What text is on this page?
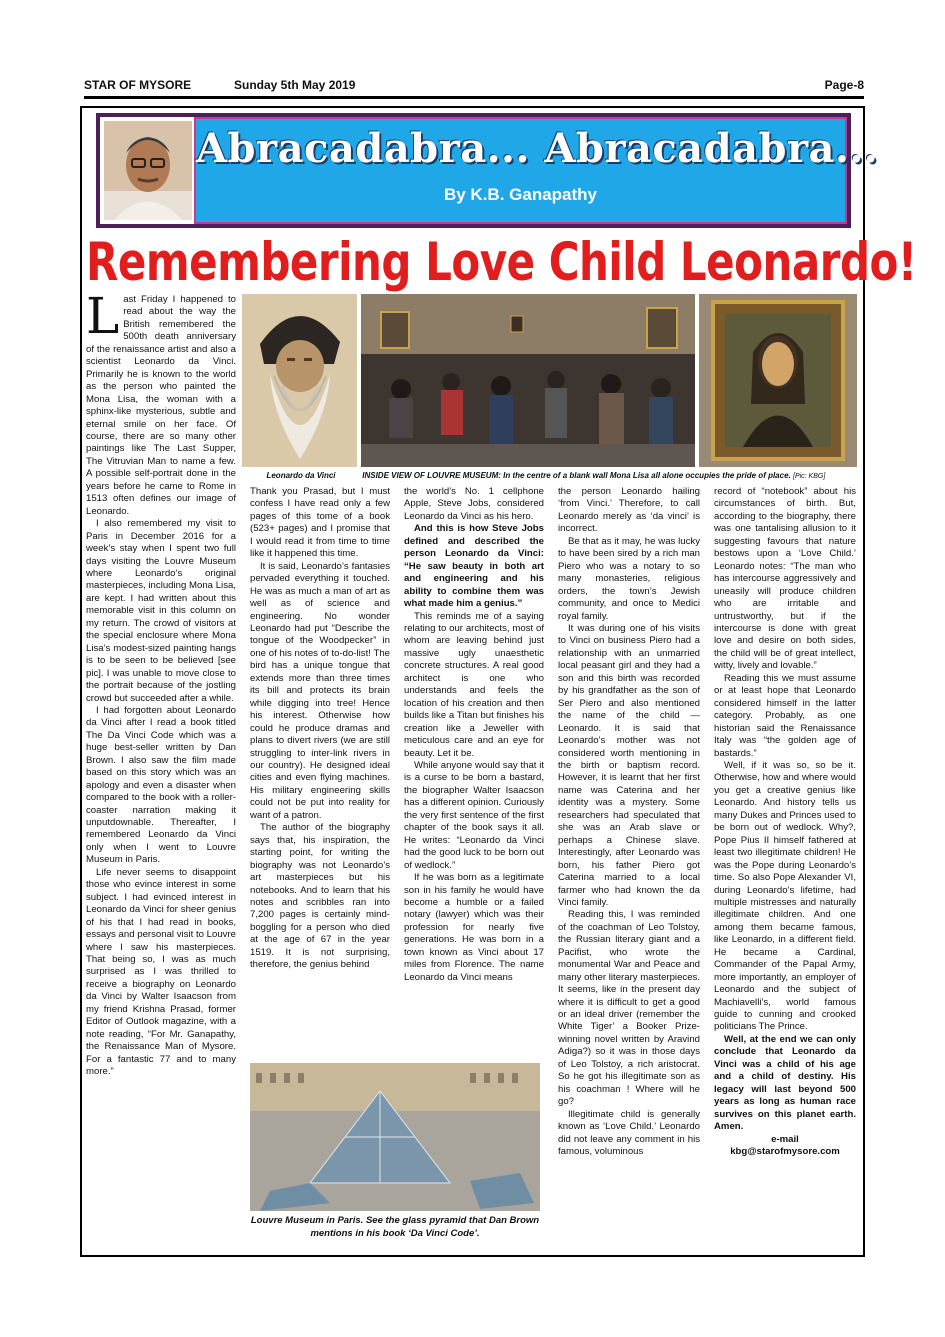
STAR OF MYSORE	Sunday 5th May 2019	Page-8
Abracadabra... Abracadabra...
By K.B. Ganapathy
Remembering Love Child Leonardo!
Leonardo da Vinci	INSIDE VIEW OF LOUVRE MUSEUM: In the centre of a blank wall Mona Lisa all alone occupies the pride of place. [Pic: KBG]

Last Friday I happened to read about the way the British remembered the 500th death anniversary of the renaissance artist and also a scientist Leonardo da Vinci. Primarily he is known to the world as the person who painted the Mona Lisa, the woman with a sphinx-like mysterious, subtle and eternal smile on her face. Of course, there are so many other paintings like The Last Supper, The Vitruvian Man to name a few. A possible self-portrait done in the years before he came to Rome in 1513 often defines our image of Leonardo.

I also remembered my visit to Paris in December 2016 for a week’s stay when I spent two full days visiting the Louvre Museum where Leonardo’s original masterpieces, including Mona Lisa, are kept. I had written about this memorable visit in this column on my return. The crowd of visitors at the special enclosure where Mona Lisa’s modest-sized painting hangs is to be seen to be believed [see pic]. I was unable to move close to the portrait because of the jostling crowd but succeeded after a while.

I had forgotten about Leonardo da Vinci after I read a book titled The Da Vinci Code which was a huge best-seller written by Dan Brown. I also saw the film made based on this story which was an apology and even a disaster when compared to the book with a roller-coaster narration making it unputdownable. Thereafter, I remembered Leonardo da Vinci only when I went to Louvre Museum in Paris.

Life never seems to disappoint those who evince interest in some subject. I had evinced interest in Leonardo da Vinci for sheer genius of his that I had read in books, essays and personal visit to Louvre where I saw his masterpieces. That being so, I was as much surprised as I was thrilled to receive a biography on Leonardo da Vinci by Walter Isaacson from my friend Krishna Prasad, former Editor of Outlook magazine, with a note reading, “For Mr. Ganapathy, the Renaissance Man of Mysore. For a fantastic 77 and to many more.”

Thank you Prasad, but I must confess I have read only a few pages of this tome of a book (523+ pages) and I promise that I would read it from time to time like it happened this time.

It is said, Leonardo’s fantasies pervaded everything it touched. He was as much a man of art as well as of science and engineering. No wonder Leonardo had put “Describe the tongue of the Woodpecker” in one of his notes of to-do-list! The bird has a unique tongue that extends more than three times its bill and protects its brain while digging into tree! Hence his interest. Otherwise how could he produce dramas and plans to divert rivers (we are still struggling to inter-link rivers in our country). He designed ideal cities and even flying machines. His military engineering skills could not be put into reality for want of a patron.

The author of the biography says that, his inspiration, the starting point, for writing the biography was not Leonardo’s art masterpieces but his notebooks. And to learn that his notes and scribbles ran into 7,200 pages is certainly mind-boggling for a person who died at the age of 67 in the year 1519. It is not surprising, therefore, the genius behind

the world’s No. 1 cellphone Apple, Steve Jobs, considered Leonardo da Vinci as his hero.

And this is how Steve Jobs defined and described the person Leonardo da Vinci: “He saw beauty in both art and engineering and his ability to combine them was what made him a genius.”

This reminds me of a saying relating to our architects, most of whom are leaving behind just massive ugly unaesthetic concrete structures. A real good architect is one who understands and feels the location of his creation and then builds like a Titan but finishes his creation like a Jeweller with meticulous care and an eye for beauty. Let it be.

While anyone would say that it is a curse to be born a bastard, the biographer Walter Isaacson has a different opinion. Curiously the very first sentence of the first chapter of the book says it all. He writes: “Leonardo da Vinci had the good luck to be born out of wedlock.”

If he was born as a legitimate son in his family he would have become a humble or a failed notary (lawyer) which was their profession for nearly five generations. He was born in a town known as Vinci about 17 miles from Florence. The name Leonardo da Vinci means

Louvre Museum in Paris. See the glass pyramid that Dan Brown mentions in his book ‘Da Vinci Code’.

the person Leonardo hailing ‘from Vinci.’ Therefore, to call Leonardo merely as ‘da vinci’ is incorrect.

Be that as it may, he was lucky to have been sired by a rich man Piero who was a notary to so many monasteries, religious orders, the town’s Jewish community, and once to Medici royal family.

It was during one of his visits to Vinci on business Piero had a relationship with an unmarried local peasant girl and they had a son and this birth was recorded by his grandfather as the son of Ser Piero and also mentioned the name of the child — Leonardo. It is said that Leonardo’s mother was not considered worth mentioning in the birth or baptism record. However, it is learnt that her first name was Caterina and her identity was a mystery. Some researchers had speculated that she was an Arab slave or perhaps a Chinese slave. Interestingly, after Leonardo was born, his father Piero got Caterina married to a local farmer who had known the da Vinci family.

Reading this, I was reminded of the coachman of Leo Tolstoy, the Russian literary giant and a Pacifist, who wrote the monumental War and Peace and many other literary masterpieces. It seems, like in the present day where it is difficult to get a good or an ideal driver (remember the White Tiger’ a Booker Prize-winning novel written by Aravind Adiga?) so it was in those days of Leo Tolstoy, a rich aristocrat. So he got his illegitimate son as his coachman ! Where will he go?

Illegitimate child is generally known as ‘Love Child.’ Leonardo did not leave any comment in his famous, voluminous

record of “notebook” about his circumstances of birth. But, according to the biography, there was one tantalising allusion to it suggesting favours that nature bestows upon a ‘Love Child.’ Leonardo notes: “The man who has intercourse aggressively and uneasily will produce children who are irritable and untrustworthy, but if the intercourse is done with great love and desire on both sides, the child will be of great intellect, witty, lively and lovable.”

Reading this we must assume or at least hope that Leonardo considered himself in the latter category. Probably, as one historian said the Renaissance Italy was “the golden age of bastards.”

Well, if it was so, so be it. Otherwise, how and where would you get a creative genius like Leonardo. And history tells us many Dukes and Princes used to be born out of wedlock. Why?, Pope Pius II himself fathered at least two illegitimate children! He was the Pope during Leonardo’s time. So also Pope Alexander VI, during Leonardo’s lifetime, had multiple mistresses and naturally illegitimate children. And one among them became famous, like Leonardo, in a different field. He became a Cardinal, Commander of the Papal Army, more importantly, an employer of Leonardo and the subject of Machiavelli’s, world famous guide to cunning and crooked politicians The Prince.

Well, at the end we can only conclude that Leonardo da Vinci was a child of his age and a child of destiny. His legacy will last beyond 500 years as long as human race survives on this planet earth. Amen.

e-mail

kbg@starofmysore.com
